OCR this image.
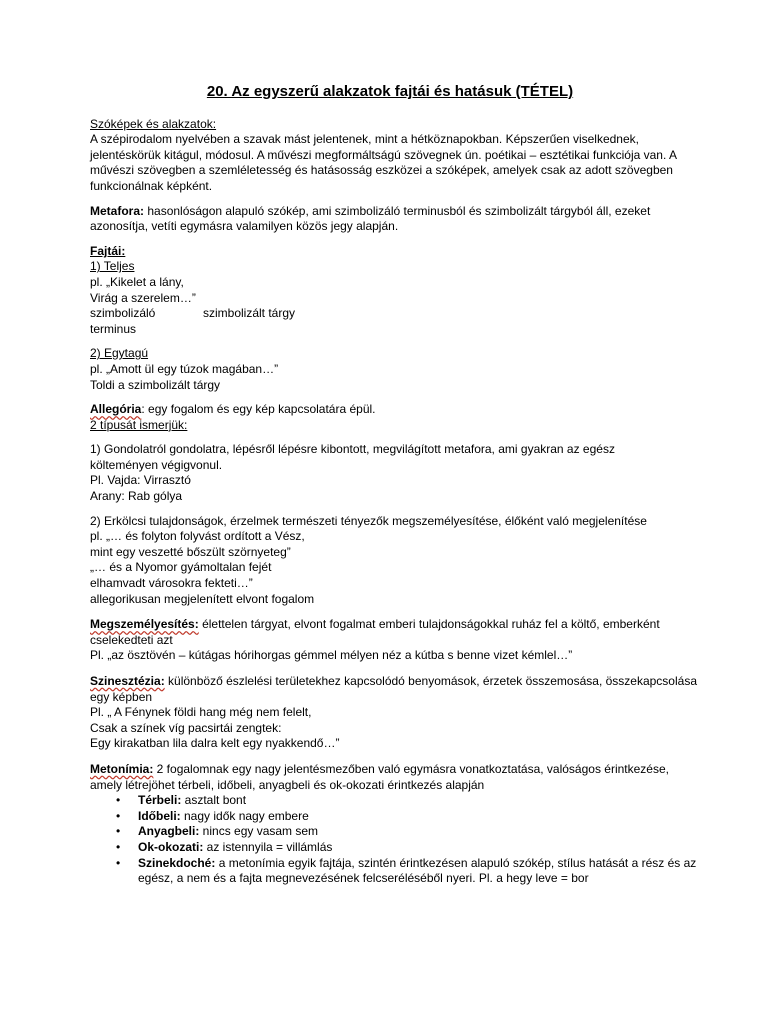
20. Az egyszerű alakzatok fajtái és hatásuk (TÉTEL)
Szóképek és alakzatok:
A szépirodalom nyelvében a szavak mást jelentenek, mint a hétköznapokban. Képszerűen viselkednek,
jelentéskörük kitágul, módosul. A művészi megformáltságú szövegnek ún. poétikai – esztétikai funkciója van. A
művészi szövegben a szemléletesség és hatásosság eszközei a szóképek, amelyek csak az adott szövegben
funkcionálnak képként.
Metafora: hasonlóságon alapuló szókép, ami szimbolizáló terminusból és szimbolizált tárgyból áll, ezeket
azonosítja, vetíti egymásra valamilyen közös jegy alapján.
Fajtái:
1) Teljes
pl. „Kikelet a lány,
Virág a szerelem…”
szimbolizáló	szimbolizált tárgy
terminus
2) Egytagú
pl. „Amott ül egy túzok magában…”
Toldi a szimbolizált tárgy
Allegória: egy fogalom és egy kép kapcsolatára épül.
2 típusát ismerjük:
1) Gondolatról gondolatra, lépésről lépésre kibontott, megvilágított metafora, ami gyakran az egész
költeményen végigvonul.
Pl. Vajda: Virrasztó
Arany: Rab gólya
2) Erkölcsi tulajdonságok, érzelmek természeti tényezők megszemélyesítése, élőként való megjelenítése
pl. „… és folyton folyvást ordított a Vész,
mint egy veszetté bőszült szörnyeteg”
„… és a Nyomor gyámoltalan fejét
elhamvadt városokra fekteti…”
allegorikusan megjelenített elvont fogalom
Megszemélyesítés: élettelen tárgyat, elvont fogalmat emberi tulajdonságokkal ruház fel a költő, emberként
cselekedteti azt
Pl. „az ösztövén – kútágas hórihorgas gémmel mélyen néz a kútba s benne vizet kémlel…”
Szinesztézia: különböző észlelési területekhez kapcsolódó benyomások, érzetek összemosása, összekapcsolása
egy képben
Pl. „ A Fénynek földi hang még nem felelt,
Csak a színek víg pacsirtái zengtek:
Egy kirakatban lila dalra kelt egy nyakkendő…”
Metonímia: 2 fogalomnak egy nagy jelentésmezőben való egymásra vonatkoztatása, valóságos érintkezése,
amely létrejöhet térbeli, időbeli, anyagbeli és ok-okozati érintkezés alapján
• Térbeli: asztalt bont
• Időbeli: nagy idők nagy embere
• Anyagbeli: nincs egy vasam sem
• Ok-okozati: az istennyila = villámlás
• Szinekdoché: a metonímia egyik fajtája, szintén érintkezésen alapuló szókép, stílus hatását a rész és az
egész, a nem és a fajta megnevezésének felcseréléséből nyeri. Pl. a hegy leve = bor
